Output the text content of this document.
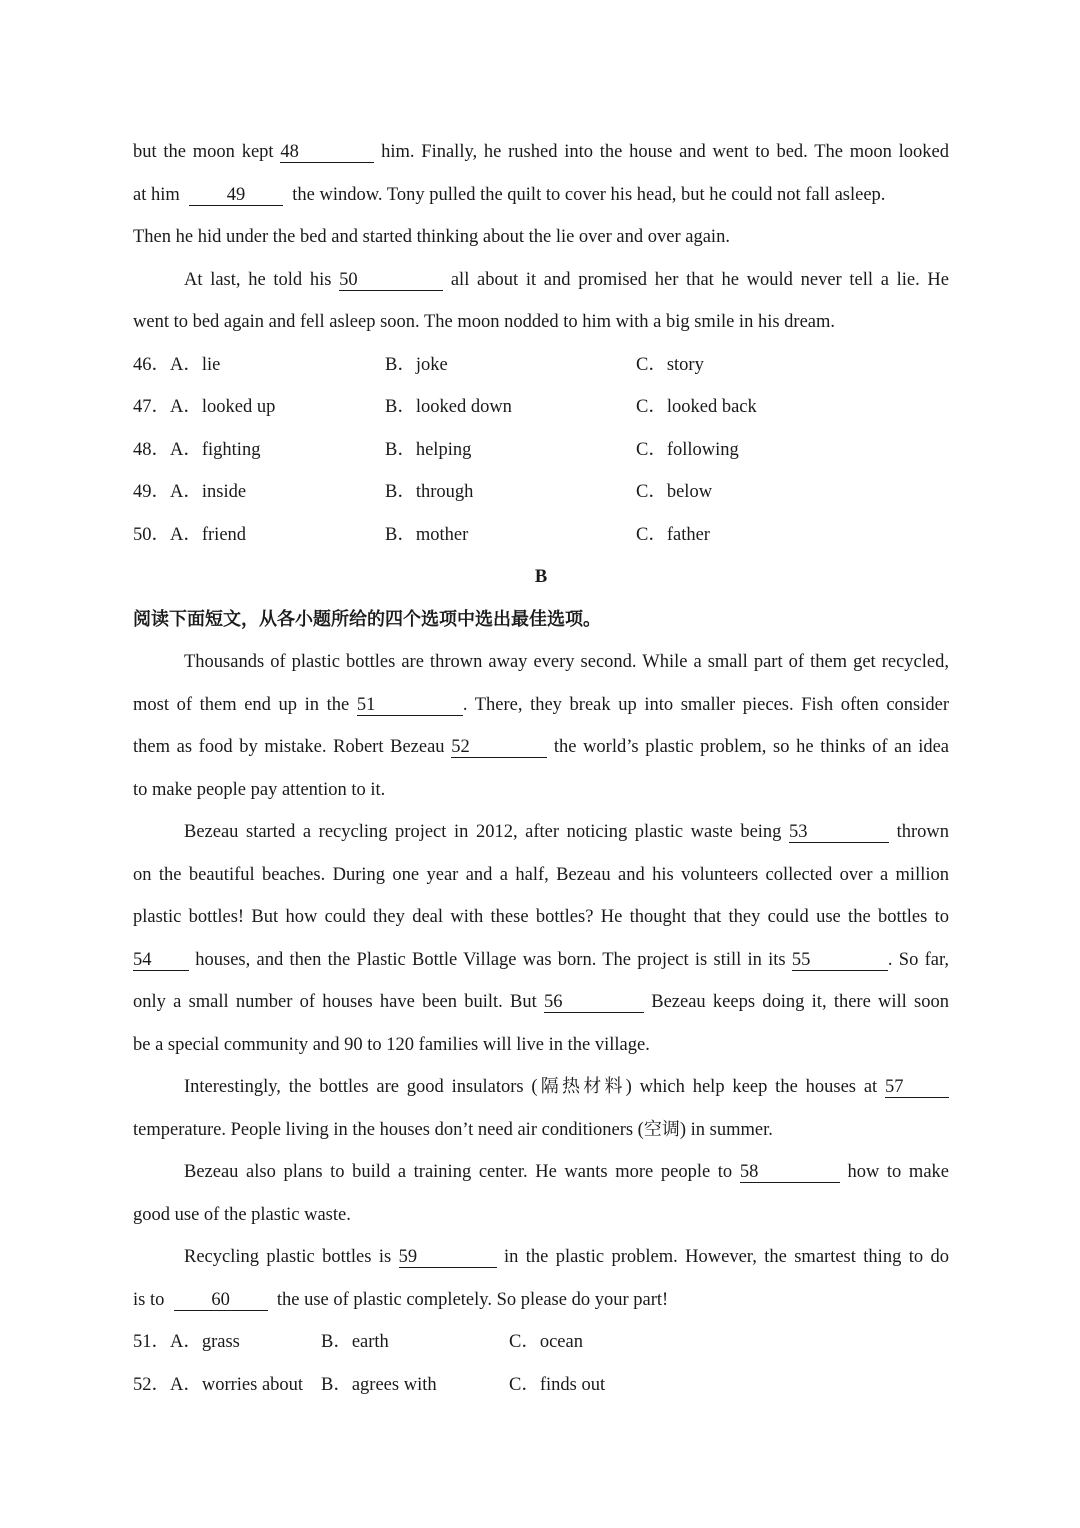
but the moon kept 48	him. Finally, he rushed into the house and went to bed. The moon looked
at him	49	the window. Tony pulled the quilt to cover his head, but he could not fall asleep.
Then he hid under the bed and started thinking about the lie over and over again.
At last, he told his 50	all about it and promised her that he would never tell a lie. He
went to bed again and fell asleep soon. The moon nodded to him with a big smile in his dream.
46．A．lie	B．joke	C．story
47．A．looked up	B．looked down	C．looked back
48．A．fighting	B．helping	C．following
49．A．inside	B．through	C．below
50．A．friend	B．mother	C．father
B
阅读下面短文，从各小题所给的四个选项中选出最佳选项。
Thousands of plastic bottles are thrown away every second. While a small part of them get recycled,
most of them end up in the 51	. There, they break up into smaller pieces. Fish often consider
them as food by mistake. Robert Bezeau 52	the world’s plastic problem, so he thinks of an idea
to make people pay attention to it.
Bezeau started a recycling project in 2012, after noticing plastic waste being 53	thrown
on the beautiful beaches. During one year and a half, Bezeau and his volunteers collected over a million
plastic bottles! But how could they deal with these bottles? He thought that they could use the bottles to
54 houses, and then the Plastic Bottle Village was born. The project is still in its 55	. So far,
only a small number of houses have been built. But 56	Bezeau keeps doing it, there will soon
be a special community and 90 to 120 families will live in the village.
Interestingly, the bottles are good insulators (隔热材料) which help keep the houses at 57
temperature. People living in the houses don’t need air conditioners (空调) in summer.
Bezeau also plans to build a training center. He wants more people to 58	how to make
good use of the plastic waste.
Recycling plastic bottles is 59	in the plastic problem. However, the smartest thing to do
is to	60	the use of plastic completely. So please do your part!
51．A．grass	B．earth	C．ocean
52．A．worries about B．agrees with	C．finds out
